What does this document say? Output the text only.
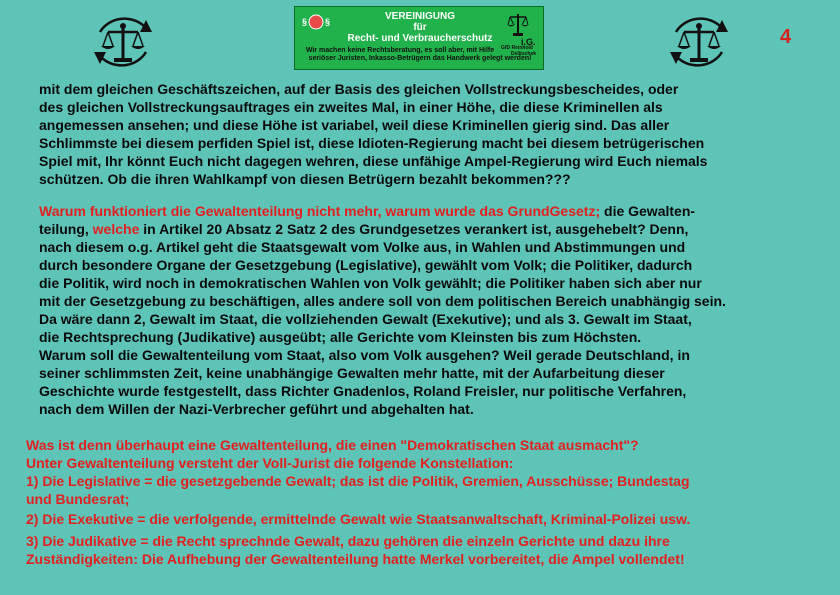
§ §	VEREINIGUNG
für
Recht- und Verbraucherschutz
Wir machen keine Rechtsberatung, es soll aber, mit Hilfe
seriöser Juristen, Inkasso-Betrügern das Handwerk gelegt werden!
i.G.
GfD Reinhold
Delitschek
4
mit dem gleichen Geschäftszeichen, auf der Basis des gleichen Vollstreckungsbescheides, oder
des gleichen Vollstreckungsauftrages ein zweites Mal, in einer Höhe, die diese Kriminellen als
angemessen ansehen; und diese Höhe ist variabel, weil diese Kriminellen gierig sind. Das aller
Schlimmste bei diesem perfiden Spiel ist, diese Idioten-Regierung macht bei diesem betrügerischen
Spiel mit, Ihr könnt Euch nicht dagegen wehren, diese unfähige Ampel-Regierung wird Euch niemals
schützen. Ob die ihren Wahlkampf von diesen Betrügern bezahlt bekommen???
Warum funktioniert die Gewaltenteilung nicht mehr, warum wurde das GrundGesetz; die Gewalten-
teilung, welche in Artikel 20 Absatz 2 Satz 2 des Grundgesetzes verankert ist, ausgehebelt? Denn,
nach diesem o.g. Artikel geht die Staatsgewalt vom Volke aus, in Wahlen und Abstimmungen und
durch besondere Organe der Gesetzgebung (Legislative), gewählt vom Volk; die Politiker, dadurch
die Politik, wird noch in demokratischen Wahlen von Volk gewählt; die Politiker haben sich aber nur
mit der Gesetzgebung zu beschäftigen, alles andere soll von dem politischen Bereich unabhängig sein.
Da wäre dann 2, Gewalt im Staat, die vollziehenden Gewalt (Exekutive); und als 3. Gewalt im Staat,
die Rechtsprechung (Judikative) ausgeübt; alle Gerichte vom Kleinsten bis zum Höchsten.
Warum soll die Gewaltenteilung vom Staat, also vom Volk ausgehen? Weil gerade Deutschland, in
seiner schlimmsten Zeit, keine unabhängige Gewalten mehr hatte, mit der Aufarbeitung dieser
Geschichte wurde festgestellt, dass Richter Gnadenlos, Roland Freisler, nur politische Verfahren,
nach dem Willen der Nazi-Verbrecher geführt und abgehalten hat.
Was ist denn überhaupt eine Gewaltenteilung, die einen "Demokratischen Staat ausmacht"?
Unter Gewaltenteilung versteht der Voll-Jurist die folgende Konstellation:
1) Die Legislative = die gesetzgebende Gewalt; das ist die Politik, Gremien, Ausschüsse; Bundestag
und Bundesrat;
2) Die Exekutive = die verfolgende, ermittelnde Gewalt wie Staatsanwaltschaft, Kriminal-Polizei usw.
3) Die Judikative = die Recht sprechnde Gewalt, dazu gehören die einzeln Gerichte und dazu ihre
Zuständigkeiten: Die Aufhebung der Gewaltenteilung hatte Merkel vorbereitet, die Ampel vollendet!
